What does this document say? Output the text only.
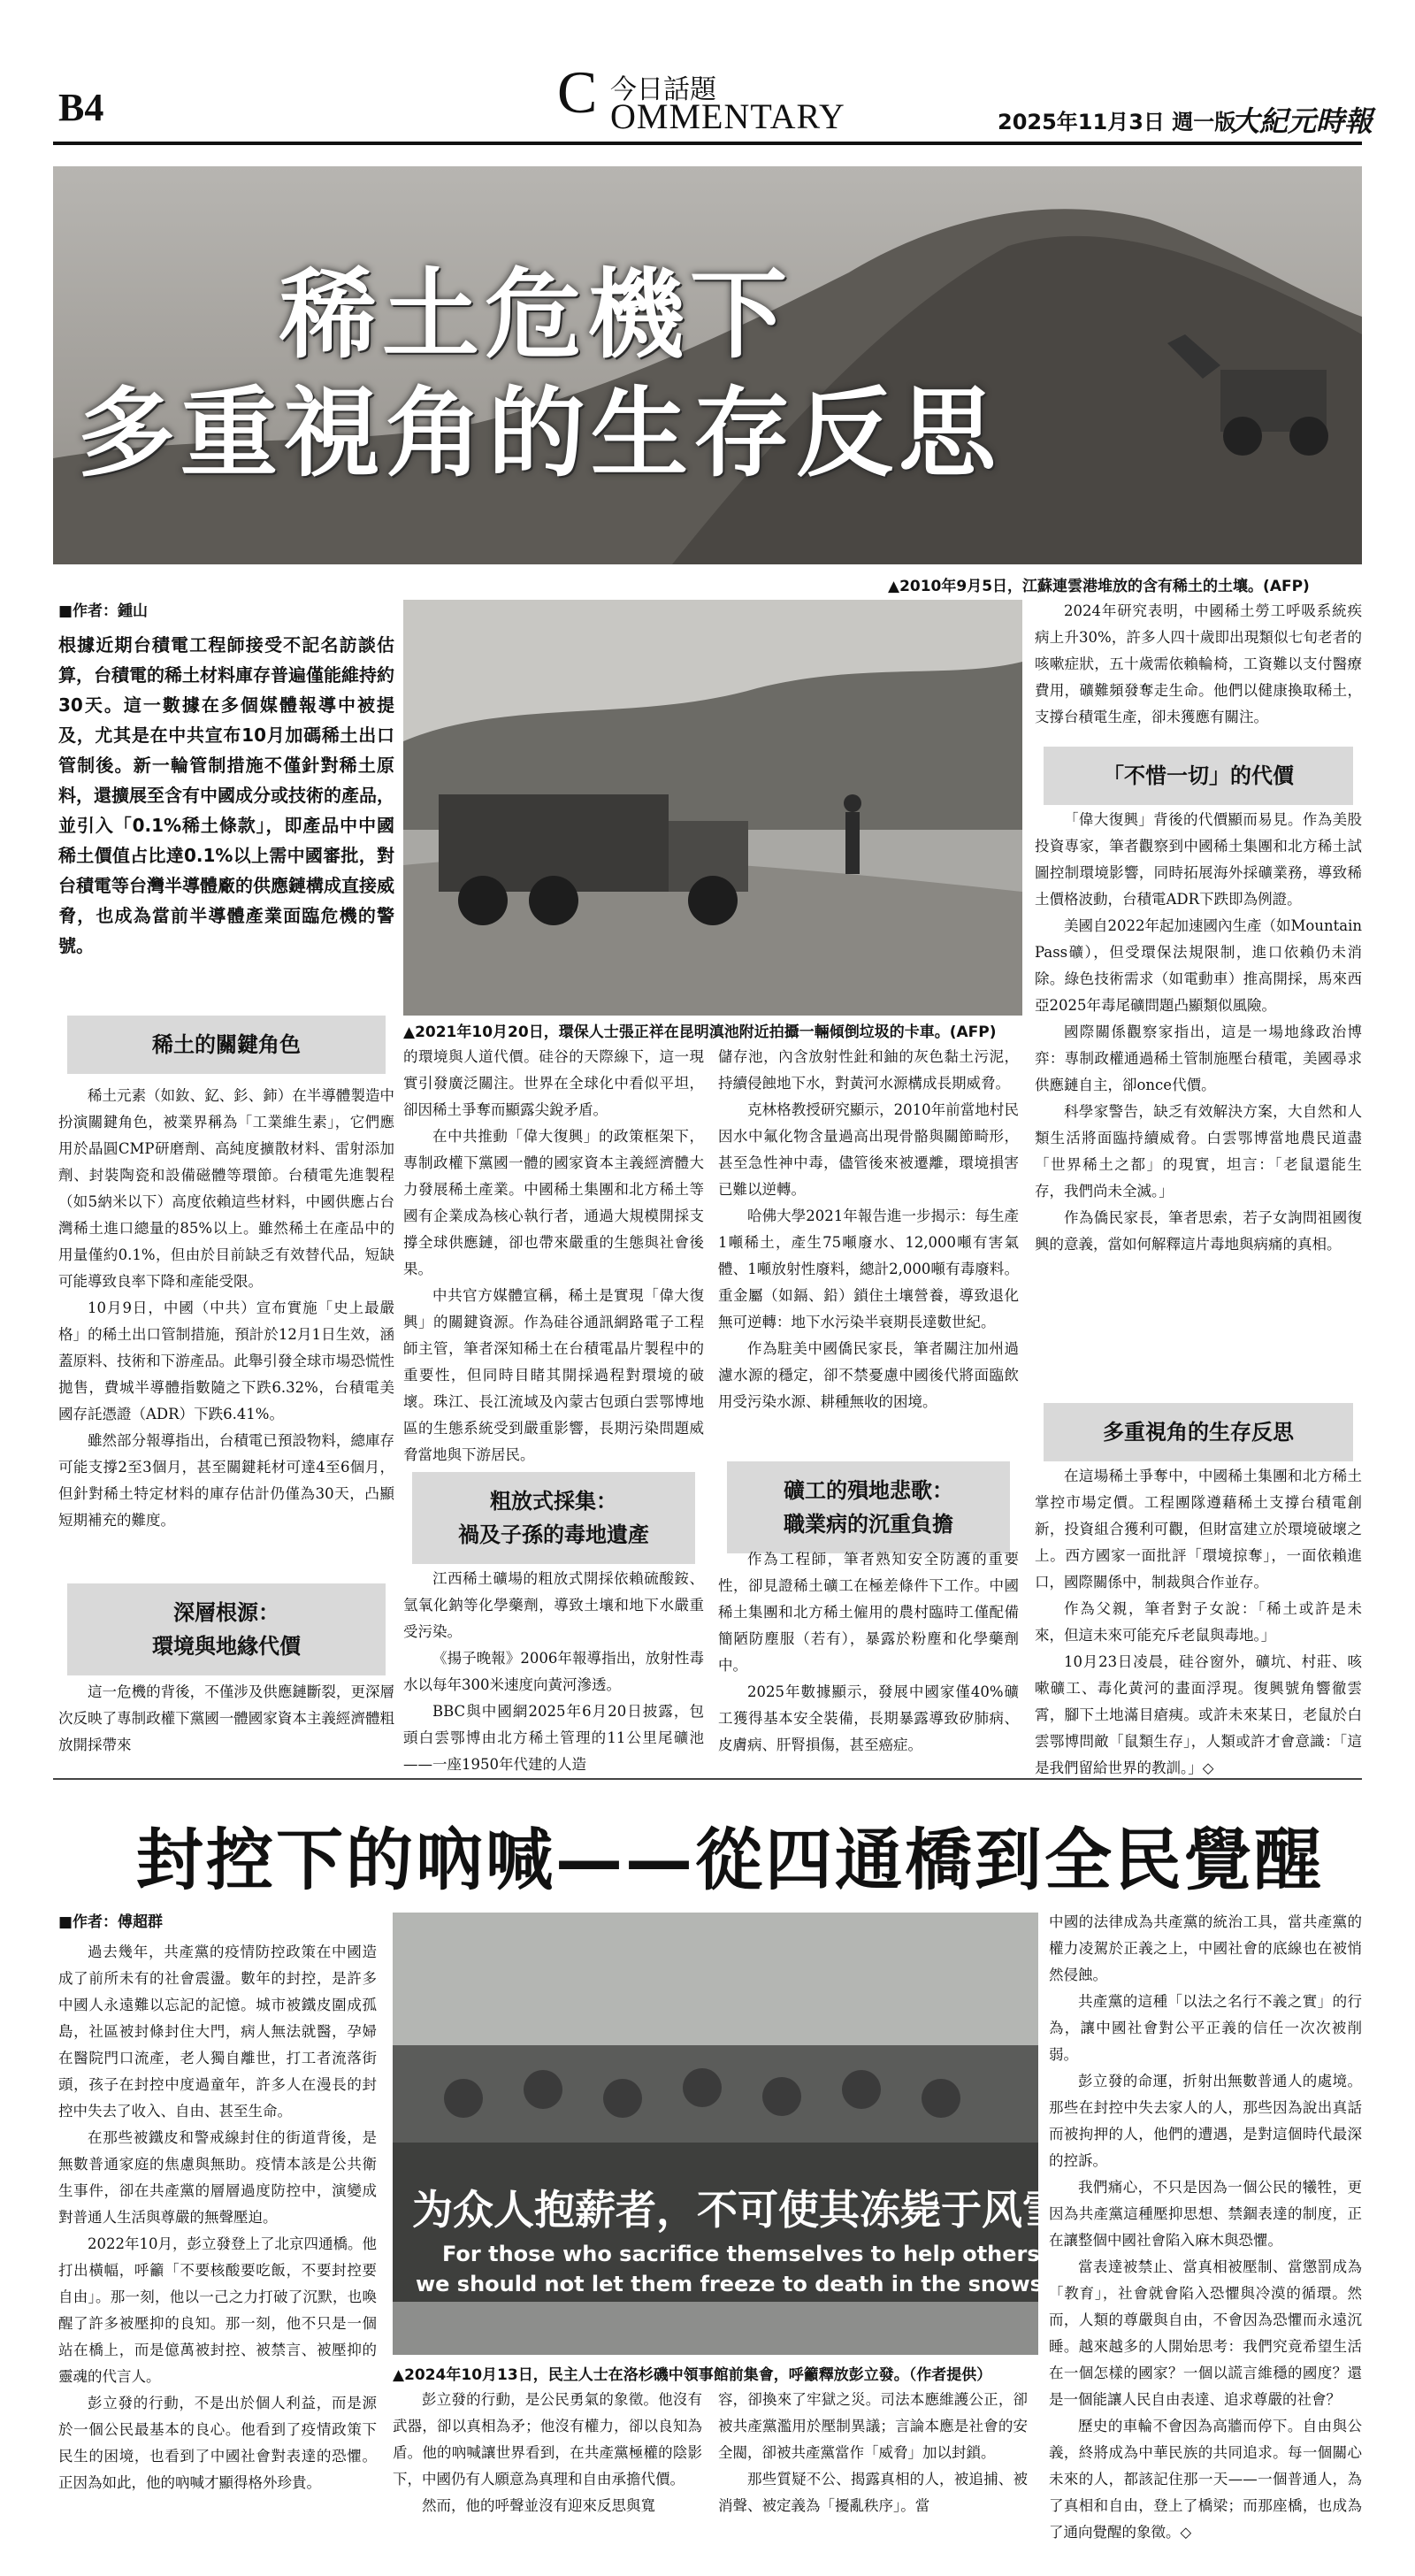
B4	C 今日話題
OMMENTARY	2025年11月3日 週一版
大紀元時報
稀土危機下
多重視角的生存反思
▲2010年9月5日，江蘇連雲港堆放的含有稀土的土壤。(AFP)
■作者：鍾山
根據近期台積電工程師接受不記名訪談估算，台積電的稀土材料庫存普遍僅能維持約30天。這一數據在多個媒體報導中被提及，尤其是在中共宣布10月加碼稀土出口管制後。新一輪管制措施不僅針對稀土原料，還擴展至含有中國成分或技術的產品，並引入「0.1%稀土條款」，即產品中中國稀土價值占比達0.1%以上需中國審批，對台積電等台灣半導體廠的供應鏈構成直接威脅，也成為當前半導體產業面臨危機的警號。
稀土的關鍵角色

稀土元素（如釹、釔、釤、鈰）在半導體製造中扮演關鍵角色，被業界稱為「工業維生素」，它們應用於晶圓CMP研磨劑、高純度擴散材料、雷射添加劑、封裝陶瓷和設備磁體等環節。台積電先進製程（如5納米以下）高度依賴這些材料，中國供應占台灣稀土進口總量的85%以上。雖然稀土在產品中的用量僅約0.1%，但由於目前缺乏有效替代品，短缺可能導致良率下降和產能受限。

10月9日，中國（中共）宣布實施「史上最嚴格」的稀土出口管制措施，預計於12月1日生效，涵蓋原料、技術和下游產品。此舉引發全球市場恐慌性拋售，費城半導體指數隨之下跌6.32%，台積電美國存託憑證（ADR）下跌6.41%。

雖然部分報導指出，台積電已預設物料，總庫存可能支撐2至3個月，甚至關鍵耗材可達4至6個月，但針對稀土特定材料的庫存估計仍僅為30天，凸顯短期補充的難度。

深層根源：
環境與地緣代價

這一危機的背後，不僅涉及供應鏈斷裂，更深層次反映了專制政權下黨國一體國家資本主義經濟體粗放開採帶來

▲2021年10月20日，環保人士張正祥在昆明滇池附近拍攝一輛傾倒垃圾的卡車。(AFP)

的環境與人道代價。硅谷的天際線下，這一現實引發廣泛關注。世界在全球化中看似平坦，卻因稀土爭奪而顯露尖銳矛盾。

在中共推動「偉大復興」的政策框架下，專制政權下黨國一體的國家資本主義經濟體大力發展稀土產業。中國稀土集團和北方稀土等國有企業成為核心執行者，通過大規模開採支撐全球供應鏈，卻也帶來嚴重的生態與社會後果。

中共官方媒體宣稱，稀土是實現「偉大復興」的關鍵資源。作為硅谷通訊網路電子工程師主管，筆者深知稀土在台積電晶片製程中的重要性，但同時目睹其開採過程對環境的破壞。珠江、長江流域及內蒙古包頭白雲鄂博地區的生態系統受到嚴重影響，長期污染問題威脅當地與下游居民。

粗放式採集：
禍及子孫的毒地遺產

江西稀土礦場的粗放式開採依賴硫酸銨、氫氧化鈉等化學藥劑，導致土壤和地下水嚴重受污染。

《揚子晚報》2006年報導指出，放射性毒水以每年300米速度向黃河滲透。

BBC與中國網2025年6月20日披露，包頭白雲鄂博由北方稀土管理的11公里尾礦池——一座1950年代建的人造

儲存池，內含放射性釷和鈾的灰色黏土污泥，持續侵蝕地下水，對黃河水源構成長期威脅。

克林格教授研究顯示，2010年前當地村民因水中氟化物含量過高出現骨骼與關節畸形，甚至急性神中毒，儘管後來被遷離，環境損害已難以逆轉。

哈佛大學2021年報告進一步揭示：每生產1噸稀土，產生75噸廢水、12,000噸有害氣體、1噸放射性廢料，總計2,000噸有毒廢料。重金屬（如鎘、鉛）鎖住土壤營養，導致退化無可逆轉：地下水污染半衰期長達數世紀。

作為駐美中國僑民家長，筆者關注加州過濾水源的穩定，卻不禁憂慮中國後代將面臨飲用受污染水源、耕種無收的困境。

礦工的殞地悲歌：
職業病的沉重負擔

作為工程師，筆者熟知安全防護的重要性，卻見證稀土礦工在極差條件下工作。中國稀土集團和北方稀土僱用的農村臨時工僅配備簡陋防塵服（若有），暴露於粉塵和化學藥劑中。

2025年數據顯示，發展中國家僅40%礦工獲得基本安全裝備，長期暴露導致矽肺病、皮膚病、肝腎損傷，甚至癌症。

2024年研究表明，中國稀土勞工呼吸系統疾病上升30%，許多人四十歲即出現類似七旬老者的咳嗽症狀，五十歲需依賴輪椅，工資難以支付醫療費用，礦難頻發奪走生命。他們以健康換取稀土，支撐台積電生產，卻未獲應有關注。

「不惜一切」的代價

「偉大復興」背後的代價顯而易見。作為美股投資專家，筆者觀察到中國稀土集團和北方稀土試圖控制環境影響，同時拓展海外採礦業務，導致稀土價格波動，台積電ADR下跌即為例證。

美國自2022年起加速國內生產（如Mountain Pass礦），但受環保法規限制，進口依賴仍未消除。綠色技術需求（如電動車）推高開採，馬來西亞2025年毒尾礦問題凸顯類似風險。

國際關係觀察家指出，這是一場地緣政治博弈：專制政權通過稀土管制施壓台積電，美國尋求供應鏈自主，卻once代價。

科學家警告，缺乏有效解決方案，大自然和人類生活將面臨持續威脅。白雲鄂博當地農民道盡「世界稀土之都」的現實，坦言：「老鼠還能生存，我們尚未全滅。」

作為僑民家長，筆者思索，若子女詢問祖國復興的意義，當如何解釋這片毒地與病痛的真相。

多重視角的生存反思

在這場稀土爭奪中，中國稀土集團和北方稀土掌控市場定價。工程團隊遵藉稀土支撐台積電創新，投資組合獲利可觀，但財富建立於環境破壞之上。西方國家一面批評「環境掠奪」，一面依賴進口，國際關係中，制裁與合作並存。

作為父親，筆者對子女說：「稀土或許是未來，但這未來可能充斥老鼠與毒地。」

10月23日凌晨，硅谷窗外，礦坑、村莊、咳嗽礦工、毒化黃河的畫面浮現。復興號角響徹雲霄，腳下土地滿目瘡痍。或許未來某日，老鼠於白雲鄂博問敵「鼠類生存」，人類或許才會意識：「這是我們留給世界的教訓。」◇

封控下的吶喊——從四通橋到全民覺醒
■作者：傅超群

過去幾年，共產黨的疫情防控政策在中國造成了前所未有的社會震盪。數年的封控，是許多中國人永遠難以忘記的記憶。城市被鐵皮圍成孤島，社區被封條封住大門，病人無法就醫，孕婦在醫院門口流產，老人獨自離世，打工者流落街頭，孩子在封控中度過童年，許多人在漫長的封控中失去了收入、自由、甚至生命。

在那些被鐵皮和警戒線封住的街道背後，是無數普通家庭的焦慮與無助。疫情本該是公共衛生事件，卻在共產黨的層層過度防控中，演變成對普通人生活與尊嚴的無聲壓迫。

2022年10月，彭立發登上了北京四通橋。他打出橫幅，呼籲「不要核酸要吃飯，不要封控要自由」。那一刻，他以一己之力打破了沉默，也喚醒了許多被壓抑的良知。那一刻，他不只是一個站在橋上，而是億萬被封控、被禁言、被壓抑的靈魂的代言人。

彭立發的行動，不是出於個人利益，而是源於一個公民最基本的良心。他看到了疫情政策下民生的困境，也看到了中國社會對表達的恐懼。正因為如此，他的吶喊才顯得格外珍貴。

为众人抱薪者，不可使其冻毙于风雪
For those who sacrifice themselves to help others,
we should not let them freeze to death in the snowstorm
▲2024年10月13日，民主人士在洛杉磯中領事館前集會，呼籲釋放彭立發。（作者提供）

彭立發的行動，是公民勇氣的象徵。他沒有武器，卻以真相為矛；他沒有權力，卻以良知為盾。他的吶喊讓世界看到，在共產黨極權的陰影下，中國仍有人願意為真理和自由承擔代價。

然而，他的呼聲並沒有迎來反思與寬

容，卻換來了牢獄之災。司法本應維護公正，卻被共產黨濫用於壓制異議；言論本應是社會的安全閥，卻被共產黨當作「威脅」加以封鎖。

那些質疑不公、揭露真相的人，被追捕、被消聲、被定義為「擾亂秩序」。當

中國的法律成為共產黨的統治工具，當共產黨的權力凌駕於正義之上，中國社會的底線也在被悄然侵蝕。

共產黨的這種「以法之名行不義之實」的行為，讓中國社會對公平正義的信任一次次被削弱。

彭立發的命運，折射出無數普通人的處境。那些在封控中失去家人的人，那些因為說出真話而被拘押的人，他們的遭遇，是對這個時代最深的控訴。

我們痛心，不只是因為一個公民的犧牲，更因為共產黨這種壓抑思想、禁錮表達的制度，正在讓整個中國社會陷入麻木與恐懼。

當表達被禁止、當真相被壓制、當懲罰成為「教育」，社會就會陷入恐懼與冷漠的循環。然而，人類的尊嚴與自由，不會因為恐懼而永遠沉睡。越來越多的人開始思考：我們究竟希望生活在一個怎樣的國家？一個以謊言維穩的國度？還是一個能讓人民自由表達、追求尊嚴的社會？

歷史的車輪不會因為高牆而停下。自由與公義，終將成為中華民族的共同追求。每一個關心未來的人，都該記住那一天——一個普通人，為了真相和自由，登上了橋梁；而那座橋，也成為了通向覺醒的象徵。◇
